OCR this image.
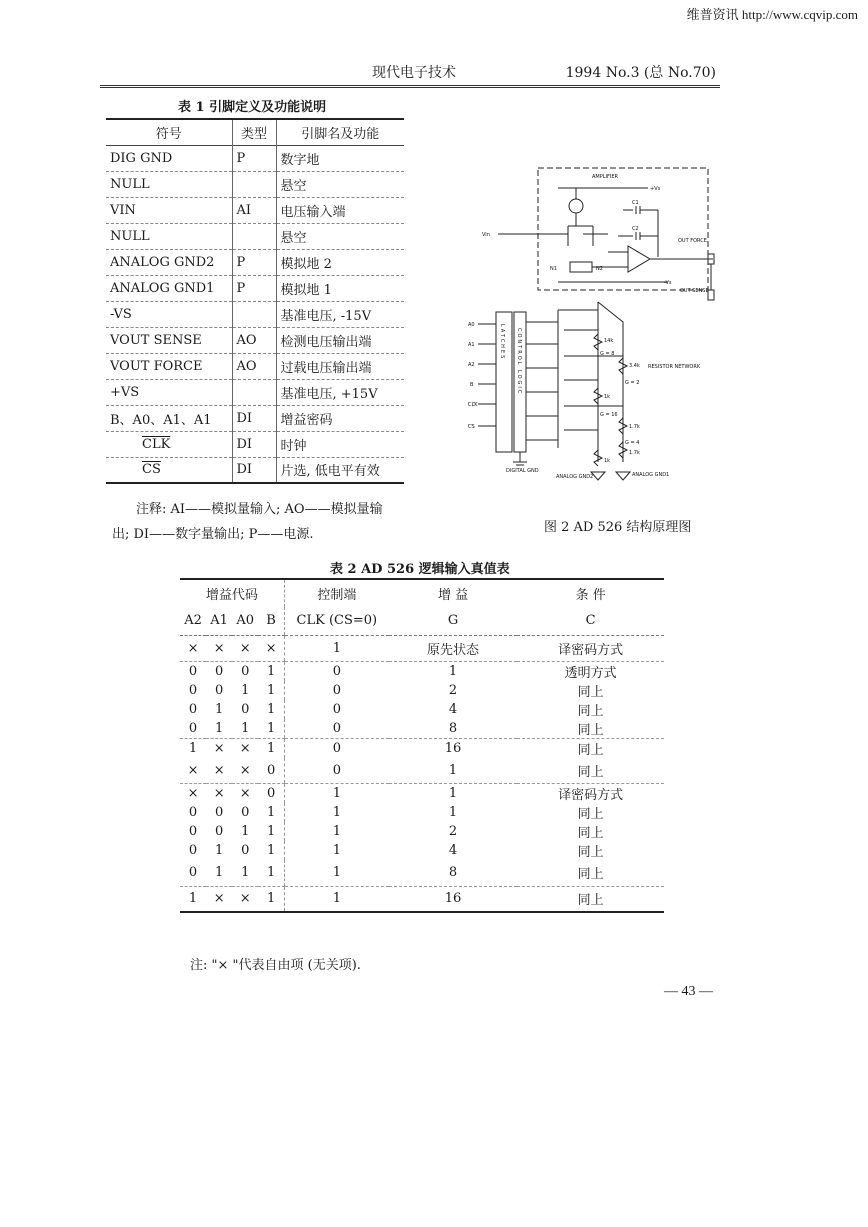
维普资讯 http://www.cqvip.com
现代电子技术	1994 No.3 (总 No.70)
表 1 引脚定义及功能说明
符号	类型	引脚名及功能
DIG GND	P	数字地
NULL		悬空
VIN	AI	电压输入端
NULL		悬空
ANALOG GND2	P	模拟地 2
ANALOG GND1	P	模拟地 1
-VS		基准电压, -15V
VOUT SENSE	AO	检测电压输出端
VOUT FORCE	AO	过载电压输出端
+VS		基准电压, +15V
B、A0、A1、A1	DI	增益密码
$\overline{CLK}$	DI	时钟
$\overline{CS}$	DI	片选, 低电平有效
注释: AI——模拟量输入; AO——模拟量输
出; DI——数字量输出; P——电源.
AMPLIFIER
+Vs
-Vs
Vin
C1
C2
N1	N2
OUT FORCE
OUT SENSE
A0
A1
A2
B
CLK
CS
LATCHES CONTROL LOGIC
DIGITAL GND
ANALOG GND2	ANALOG GND1
RESISTOR NETWORK
14k
3.4k
1k
1.7k
1.7k
1k
G = 8
G = 2
G = 16
G = 4
图 2 AD 526 结构原理图
表 2 AD 526 逻辑输入真值表
增益代码				控制端	增 益	条 件
A2	A1	A0	B	CLK (CS=0)	G	C
×	×	×	×	1	原先状态	译密码方式
0	0	0	1	0	1	透明方式
0	0	1	1	0	2	同上
0	1	0	1	0	4	同上
0	1	1	1	0	8	同上
1	×	×	1	0	16	同上
×	×	×	0	0	1	同上
×	×	×	0	1	1	译密码方式
0	0	0	1	1	1	同上
0	0	1	1	1	2	同上
0	1	0	1	1	4	同上
0	1	1	1	1	8	同上
1	×	×	1	1	16	同上
注: "× "代表自由项 (无关项).
— 43 —
